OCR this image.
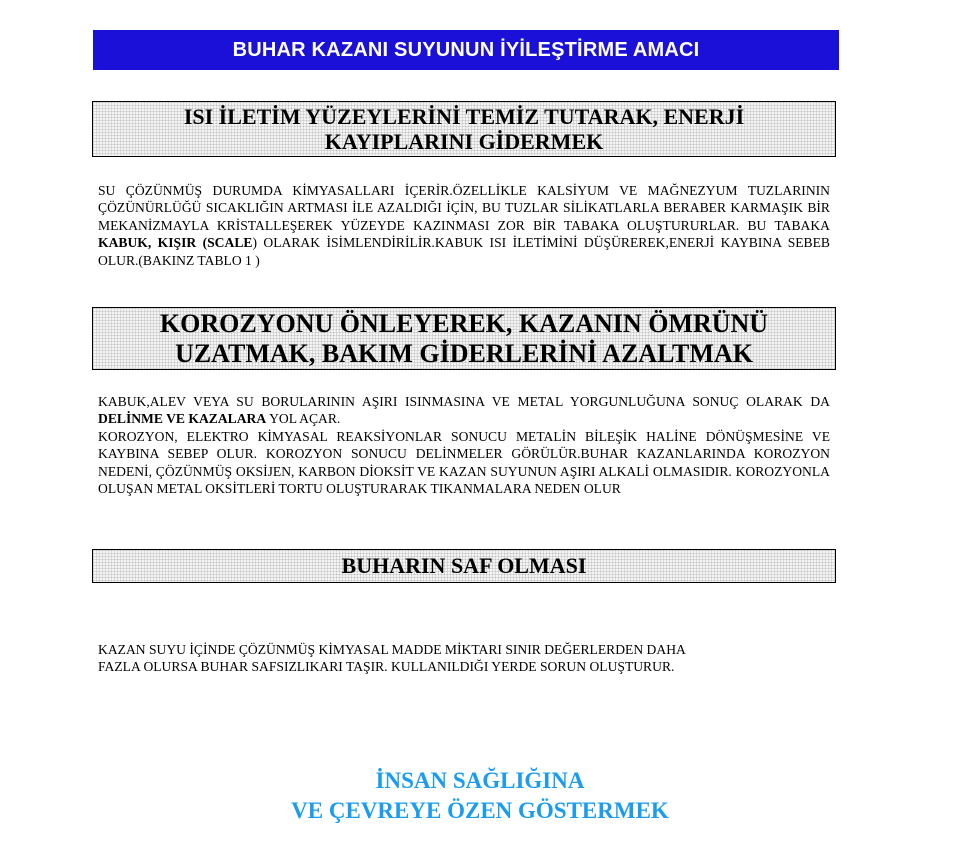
BUHAR KAZANI SUYUNUN İYİLEŞTİRME AMACI
ISI İLETİM YÜZEYLERİNİ TEMİZ TUTARAK, ENERJİ
KAYIPLARINI GİDERMEK

SU ÇÖZÜNMÜŞ DURUMDA KİMYASALLARI İÇERİR.ÖZELLİKLE KALSİYUM VE MAĞNEZYUM TUZLARININ ÇÖZÜNÜRLÜĞÜ SICAKLIĞIN ARTMASI İLE AZALDIĞI İÇİN, BU TUZLAR SİLİKATLARLA BERABER KARMAŞIK BİR MEKANİZMAYLA KRİSTALLEŞEREK YÜZEYDE KAZINMASI ZOR BİR TABAKA OLUŞTURURLAR. BU TABAKA KABUK, KIŞIR (SCALE) OLARAK İSİMLENDİRİLİR.KABUK ISI İLETİMİNİ DÜŞÜREREK,ENERJİ KAYBINA SEBEB OLUR.(BAKINZ TABLO 1 )

KOROZYONU ÖNLEYEREK, KAZANIN ÖMRÜNÜ
UZATMAK, BAKIM GİDERLERİNİ AZALTMAK

KABUK,ALEV VEYA SU BORULARININ AŞIRI ISINMASINA VE METAL YORGUNLUĞUNA SONUÇ OLARAK DA DELİNME VE KAZALARA YOL AÇAR.

KOROZYON, ELEKTRO KİMYASAL REAKSİYONLAR SONUCU METALİN BİLEŞİK HALİNE DÖNÜŞMESİNE VE KAYBINA SEBEP OLUR. KOROZYON SONUCU DELİNMELER GÖRÜLÜR.BUHAR KAZANLARINDA KOROZYON NEDENİ, ÇÖZÜNMÜŞ OKSİJEN, KARBON DİOKSİT VE KAZAN SUYUNUN AŞIRI ALKALİ OLMASIDIR. KOROZYONLA OLUŞAN METAL OKSİTLERİ TORTU OLUŞTURARAK TIKANMALARA NEDEN OLUR

BUHARIN SAF OLMASI

KAZAN SUYU İÇİNDE ÇÖZÜNMÜŞ KİMYASAL MADDE MİKTARI SINIR DEĞERLERDEN DAHA

FAZLA OLURSA BUHAR SAFSIZLIKARI TAŞIR. KULLANILDIĞI YERDE SORUN OLUŞTURUR.

İNSAN SAĞLIĞINA
VE ÇEVREYE ÖZEN GÖSTERMEK
